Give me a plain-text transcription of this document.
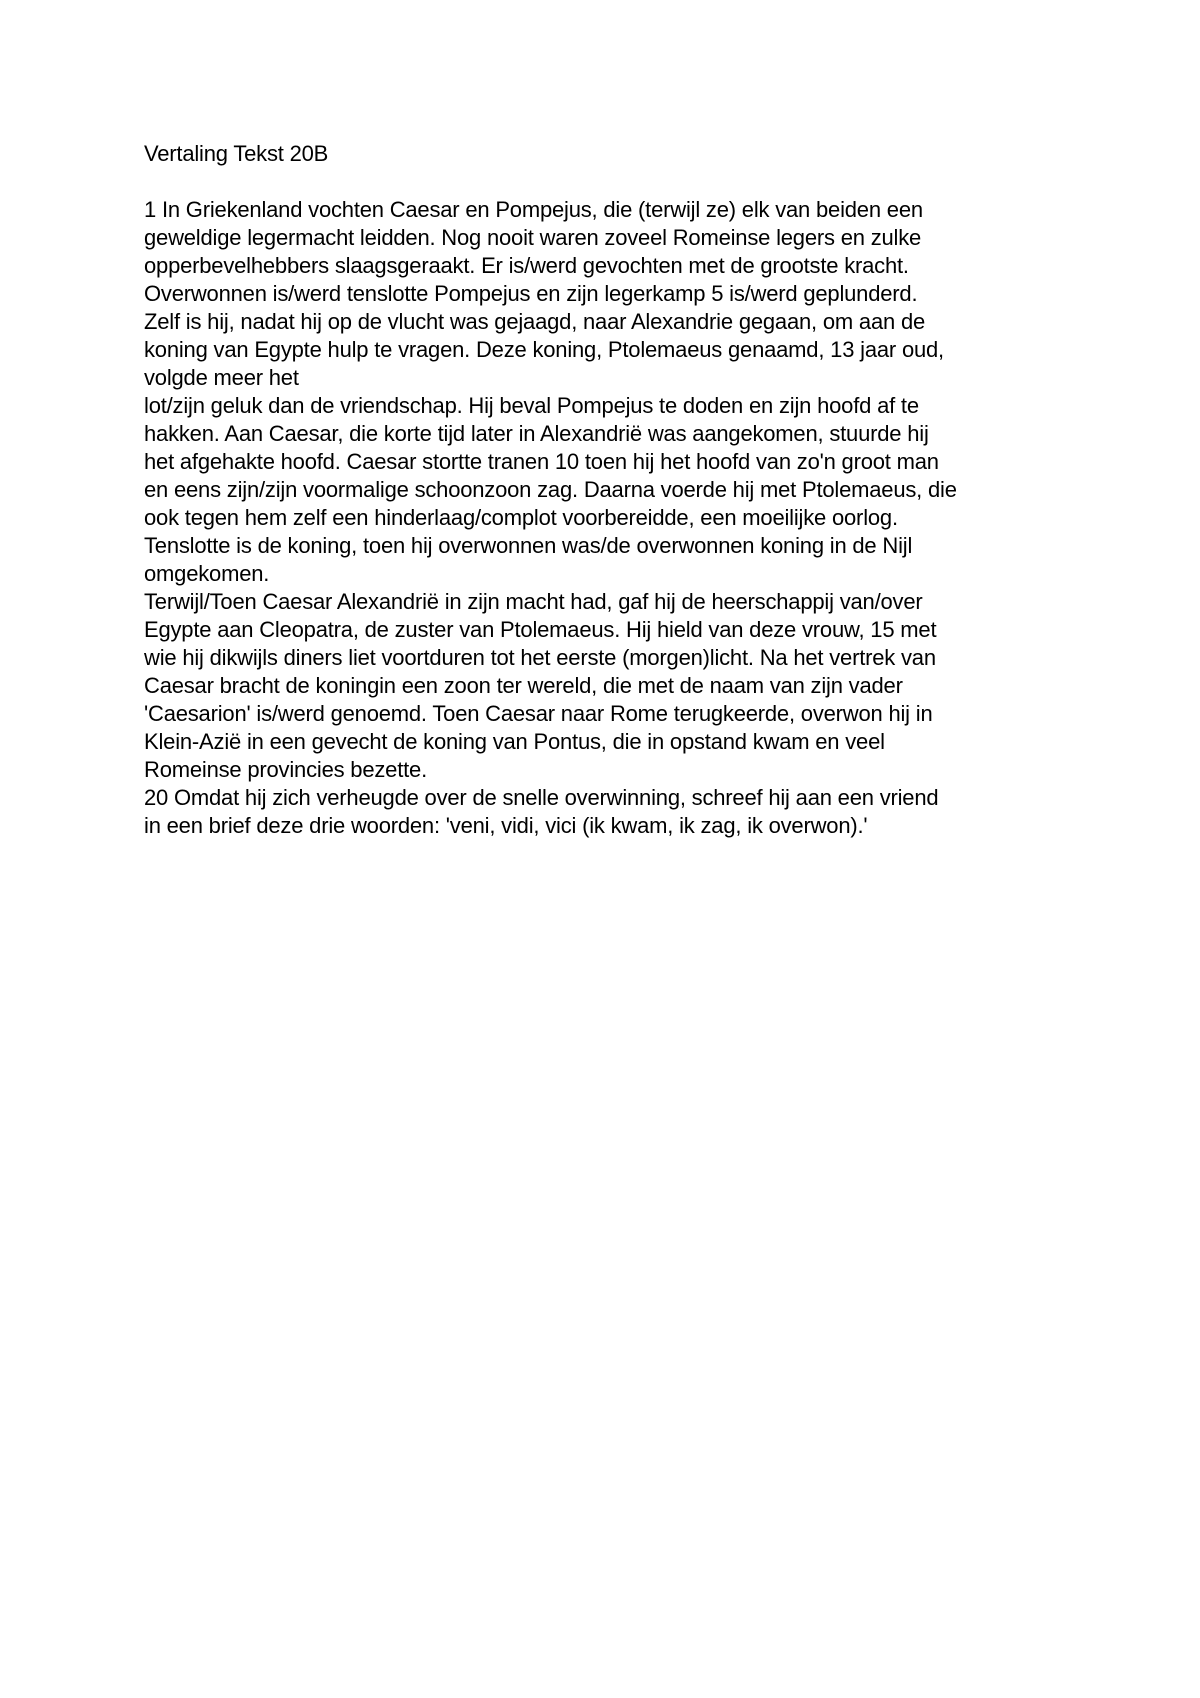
Vertaling Tekst 20B
1 In Griekenland vochten Caesar en Pompejus, die (terwijl ze) elk van beiden een
geweldige legermacht leidden. Nog nooit waren zoveel Romeinse legers en zulke
opperbevelhebbers slaagsgeraakt. Er is/werd gevochten met de grootste kracht.
Overwonnen is/werd tenslotte Pompejus en zijn legerkamp 5 is/werd geplunderd.
Zelf is hij, nadat hij op de vlucht was gejaagd, naar Alexandrie gegaan, om aan de
koning van Egypte hulp te vragen. Deze koning, Ptolemaeus genaamd, 13 jaar oud,
volgde meer het
lot/zijn geluk dan de vriendschap. Hij beval Pompejus te doden en zijn hoofd af te
hakken. Aan Caesar, die korte tijd later in Alexandrië was aangekomen, stuurde hij
het afgehakte hoofd. Caesar stortte tranen 10 toen hij het hoofd van zo'n groot man
en eens zijn/zijn voormalige schoonzoon zag. Daarna voerde hij met Ptolemaeus, die
ook tegen hem zelf een hinderlaag/complot voorbereidde, een moeilijke oorlog.
Tenslotte is de koning, toen hij overwonnen was/de overwonnen koning in de Nijl
omgekomen.
Terwijl/Toen Caesar Alexandrië in zijn macht had, gaf hij de heerschappij van/over
Egypte aan Cleopatra, de zuster van Ptolemaeus. Hij hield van deze vrouw, 15 met
wie hij dikwijls diners liet voortduren tot het eerste (morgen)licht. Na het vertrek van
Caesar bracht de koningin een zoon ter wereld, die met de naam van zijn vader
'Caesarion' is/werd genoemd. Toen Caesar naar Rome terugkeerde, overwon hij in
Klein-Azië in een gevecht de koning van Pontus, die in opstand kwam en veel
Romeinse provincies bezette.
20 Omdat hij zich verheugde over de snelle overwinning, schreef hij aan een vriend
in een brief deze drie woorden: 'veni, vidi, vici (ik kwam, ik zag, ik overwon).'
